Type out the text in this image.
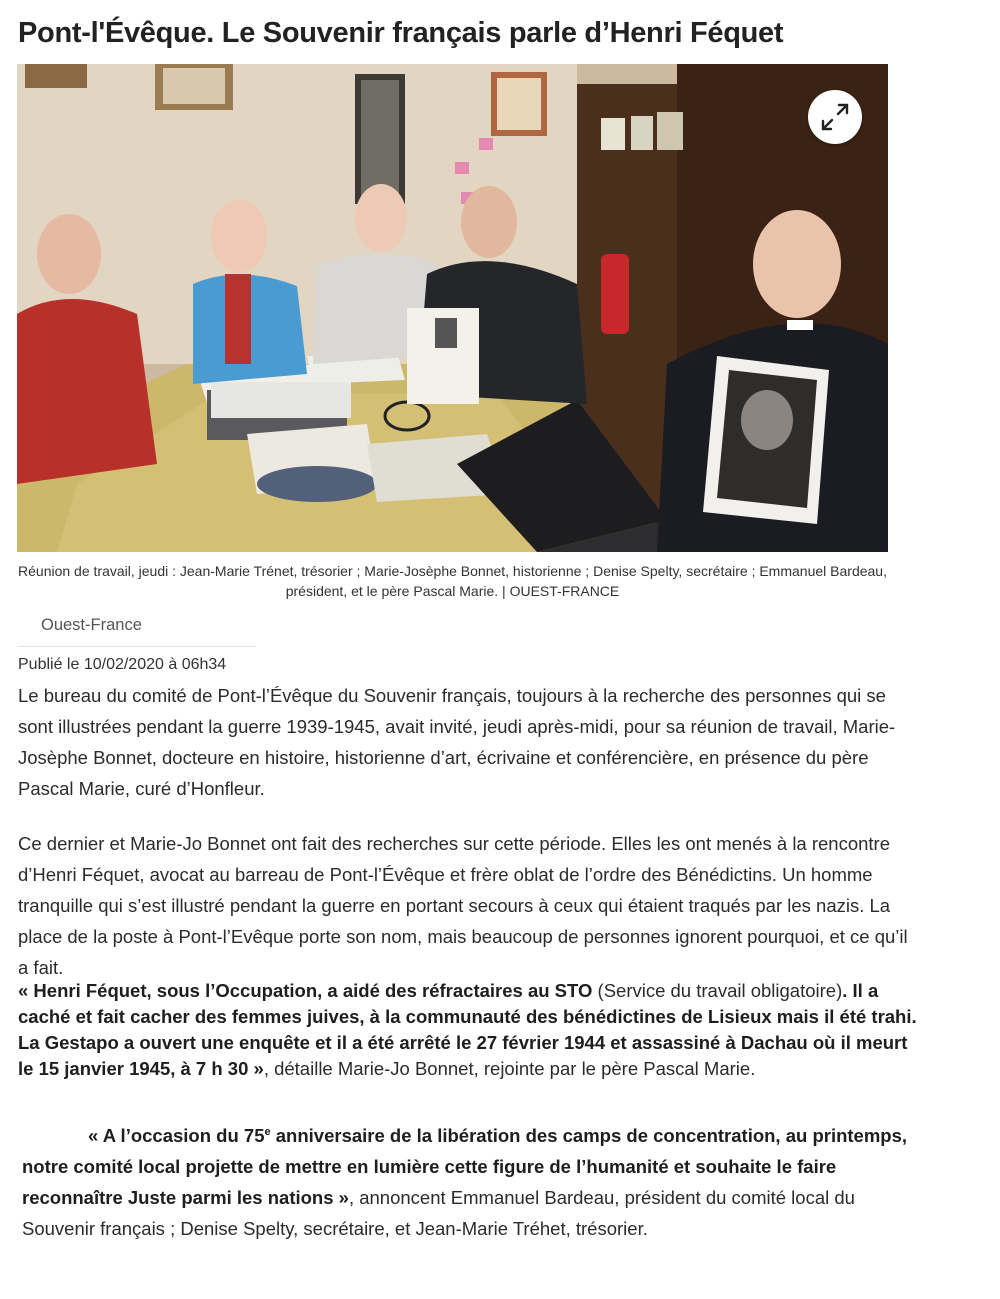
Pont-l'Évêque. Le Souvenir français parle d’Henri Féquet

Réunion de travail, jeudi : Jean-Marie Trénet, trésorier ; Marie-Josèphe Bonnet, historienne ; Denise Spelty, secrétaire ; Emmanuel Bardeau, président, et le père Pascal Marie. | OUEST-FRANCE

Ouest-France
Publié le 10/02/2020 à 06h34

Le bureau du comité de Pont-l’Évêque du Souvenir français, toujours à la recherche des personnes qui se sont illustrées pendant la guerre 1939-1945, avait invité, jeudi après-midi, pour sa réunion de travail, Marie-Josèphe Bonnet, docteure en histoire, historienne d’art, écrivaine et conférencière, en présence du père Pascal Marie, curé d’Honfleur.

Ce dernier et Marie-Jo Bonnet ont fait des recherches sur cette période. Elles les ont menés à la rencontre d’Henri Féquet, avocat au barreau de Pont-l’Évêque et frère oblat de l’ordre des Bénédictins. Un homme tranquille qui s’est illustré pendant la guerre en portant secours à ceux qui étaient traqués par les nazis. La place de la poste à Pont-l’Evêque porte son nom, mais beaucoup de personnes ignorent pourquoi, et ce qu’il a fait.

« Henri Féquet, sous l’Occupation, a aidé des réfractaires au STO (Service du travail obligatoire). Il a caché et fait cacher des femmes juives, à la communauté des bénédictines de Lisieux mais il été trahi. La Gestapo a ouvert une enquête et il a été arrêté le 27 février 1944 et assassiné à Dachau où il meurt le 15 janvier 1945, à 7 h 30 », détaille Marie-Jo Bonnet, rejointe par le père Pascal Marie.

« A l’occasion du 75e anniversaire de la libération des camps de concentration, au printemps, notre comité local projette de mettre en lumière cette figure de l’humanité et souhaite le faire reconnaître Juste parmi les nations », annoncent Emmanuel Bardeau, président du comité local du Souvenir français ; Denise Spelty, secrétaire, et Jean-Marie Tréhet, trésorier.
